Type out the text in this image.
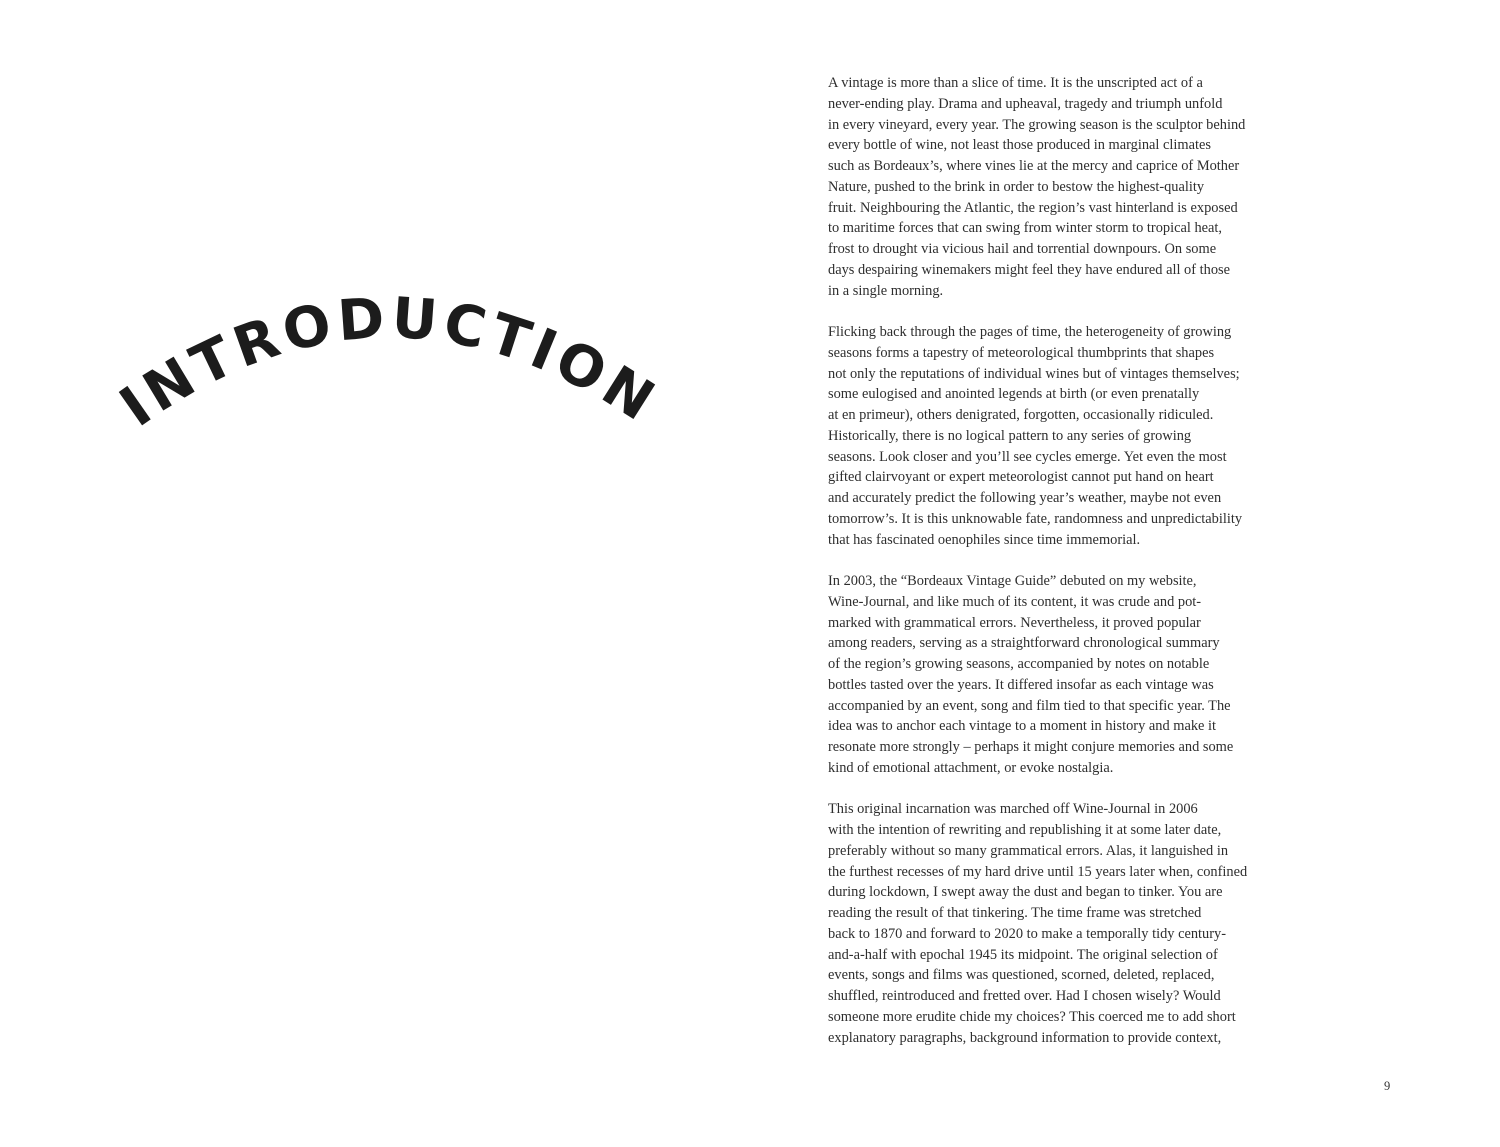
INTRODUCTION
A vintage is more than a slice of time. It is the unscripted act of a
never-ending play. Drama and upheaval, tragedy and triumph unfold
in every vineyard, every year. The growing season is the sculptor behind
every bottle of wine, not least those produced in marginal climates
such as Bordeaux’s, where vines lie at the mercy and caprice of Mother
Nature, pushed to the brink in order to bestow the highest-quality
fruit. Neighbouring the Atlantic, the region’s vast hinterland is exposed
to maritime forces that can swing from winter storm to tropical heat,
frost to drought via vicious hail and torrential downpours. On some
days despairing winemakers might feel they have endured all of those
in a single morning.
Flicking back through the pages of time, the heterogeneity of growing
seasons forms a tapestry of meteorological thumbprints that shapes
not only the reputations of individual wines but of vintages themselves;
some eulogised and anointed legends at birth (or even prenatally
at en primeur), others denigrated, forgotten, occasionally ridiculed.
Historically, there is no logical pattern to any series of growing
seasons. Look closer and you’ll see cycles emerge. Yet even the most
gifted clairvoyant or expert meteorologist cannot put hand on heart
and accurately predict the following year’s weather, maybe not even
tomorrow’s. It is this unknowable fate, randomness and unpredictability
that has fascinated oenophiles since time immemorial.
In 2003, the “Bordeaux Vintage Guide” debuted on my website,
Wine-Journal, and like much of its content, it was crude and pot-
marked with grammatical errors. Nevertheless, it proved popular
among readers, serving as a straightforward chronological summary
of the region’s growing seasons, accompanied by notes on notable
bottles tasted over the years. It differed insofar as each vintage was
accompanied by an event, song and film tied to that specific year. The
idea was to anchor each vintage to a moment in history and make it
resonate more strongly – perhaps it might conjure memories and some
kind of emotional attachment, or evoke nostalgia.
This original incarnation was marched off Wine-Journal in 2006
with the intention of rewriting and republishing it at some later date,
preferably without so many grammatical errors. Alas, it languished in
the furthest recesses of my hard drive until 15 years later when, confined
during lockdown, I swept away the dust and began to tinker. You are
reading the result of that tinkering. The time frame was stretched
back to 1870 and forward to 2020 to make a temporally tidy century-
and-a-half with epochal 1945 its midpoint. The original selection of
events, songs and films was questioned, scorned, deleted, replaced,
shuffled, reintroduced and fretted over. Had I chosen wisely? Would
someone more erudite chide my choices? This coerced me to add short
explanatory paragraphs, background information to provide context,
9
